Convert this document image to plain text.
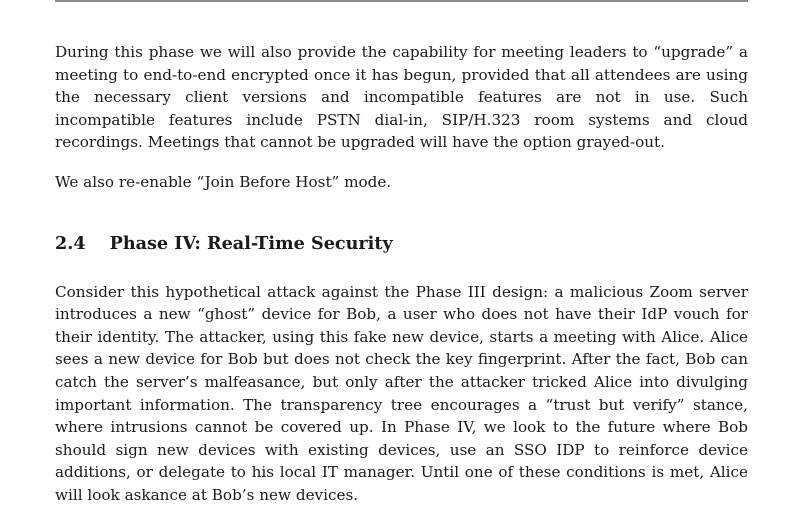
During this phase we will also provide the capability for meeting leaders to “upgrade” a meeting to end-to-end encrypted once it has begun, provided that all attendees are using the necessary client versions and incompatible features are not in use. Such incompatible features include PSTN dial-in, SIP/H.323 room systems and cloud recordings. Meetings that cannot be upgraded will have the option grayed-out.

We also re-enable “Join Before Host” mode.

2.4 Phase IV: Real-Time Security

Consider this hypothetical attack against the Phase III design: a malicious Zoom server introduces a new “ghost” device for Bob, a user who does not have their IdP vouch for their identity. The attacker, using this fake new device, starts a meeting with Alice. Alice sees a new device for Bob but does not check the key fingerprint. After the fact, Bob can catch the server’s malfeasance, but only after the attacker tricked Alice into divulging important information. The transparency tree encourages a “trust but verify” stance, where intrusions cannot be covered up. In Phase IV, we look to the future where Bob should sign new devices with existing devices, use an SSO IDP to reinforce device additions, or delegate to his local IT manager. Until one of these conditions is met, Alice will look askance at Bob’s new devices.
